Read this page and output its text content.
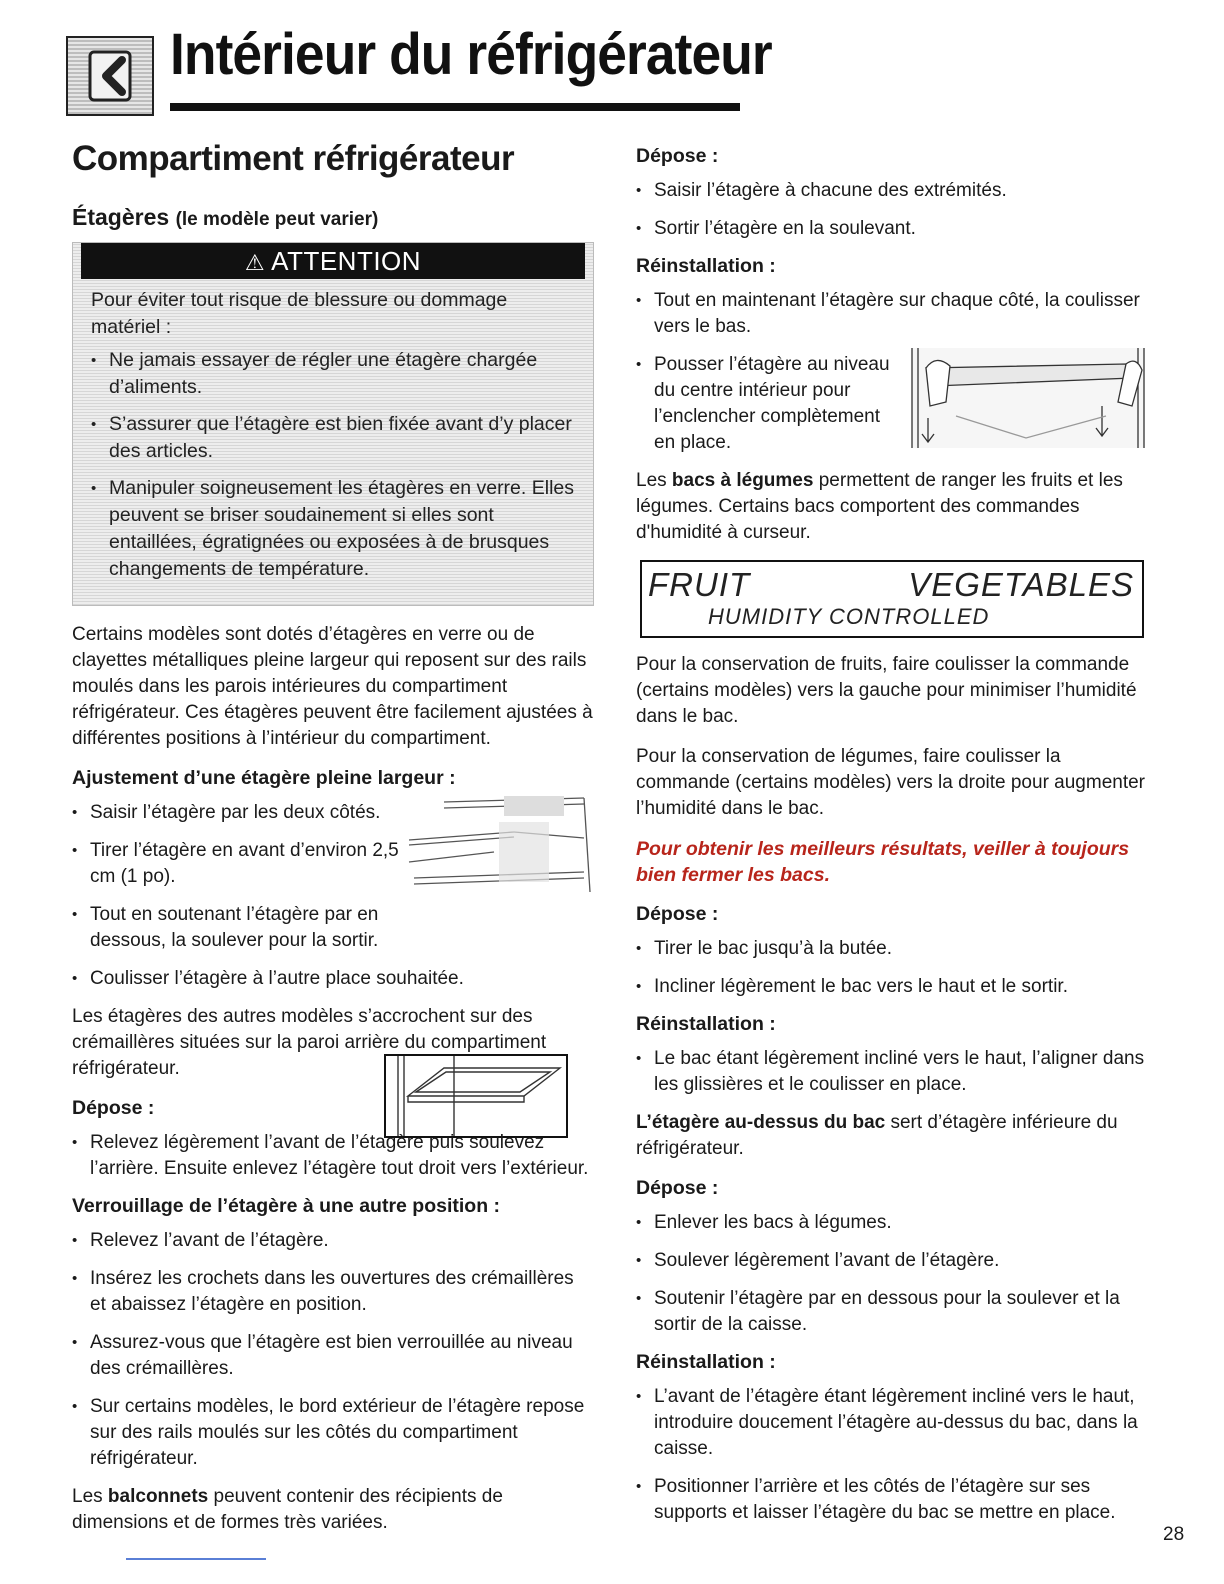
Intérieur du réfrigérateur
Compartiment réfrigérateur
Étagères (le modèle peut varier)
⚠ ATTENTION

Pour éviter tout risque de blessure ou dommage matériel :

• Ne jamais essayer de régler une étagère chargée d’aliments.
• S’assurer que l’étagère est bien fixée avant d’y placer des articles.
• Manipuler soigneusement les étagères en verre. Elles peuvent se briser soudainement si elles sont entaillées, égratignées ou exposées à de brusques changements de température.

Certains modèles sont dotés d’étagères en verre ou de clayettes métalliques pleine largeur qui reposent sur des rails moulés dans les parois intérieures du compartiment réfrigérateur. Ces étagères peuvent être facilement ajustées à différentes positions à l’intérieur du compartiment.

Ajustement d’une étagère pleine largeur :
• Saisir l’étagère par les deux côtés.
• Tirer l’étagère en avant d’environ 2,5 cm (1 po).
• Tout en soutenant l’étagère par en dessous, la soulever pour la sortir.
• Coulisser l’étagère à l’autre place souhaitée.

Les étagères des autres modèles s’accrochent sur des crémaillères situées sur la paroi arrière du compartiment réfrigérateur.

Dépose :
• Relevez légèrement l’avant de l’étagère puis soulevez l’arrière. Ensuite enlevez l’étagère tout droit vers l’extérieur.
Verrouillage de l’étagère à une autre position :
• Relevez l’avant de l’étagère.
• Insérez les crochets dans les ouvertures des crémaillères et abaissez l’étagère en position.
• Assurez-vous que l’étagère est bien verrouillée au niveau des crémaillères.
• Sur certains modèles, le bord extérieur de l’étagère repose sur des rails moulés sur les côtés du compartiment réfrigérateur.

Les balconnets peuvent contenir des récipients de dimensions et de formes très variées.

Dépose :
• Saisir l’étagère à chacune des extrémités.
• Sortir l’étagère en la soulevant.
Réinstallation :
• Tout en maintenant l’étagère sur chaque côté, la coulisser vers le bas.
• Pousser l’étagère au niveau du centre intérieur pour l’enclencher complètement en place.

Les bacs à légumes permettent de ranger les fruits et les légumes. Certains bacs comportent des commandes d'humidité à curseur.

FRUIT	VEGETABLES
HUMIDITY CONTROLLED

Pour la conservation de fruits, faire coulisser la commande (certains modèles) vers la gauche pour minimiser l’humidité dans le bac.

Pour la conservation de légumes, faire coulisser la commande (certains modèles) vers la droite pour augmenter l’humidité dans le bac.

Pour obtenir les meilleurs résultats, veiller à toujours bien fermer les bacs.

Dépose :
• Tirer le bac jusqu’à la butée.
• Incliner légèrement le bac vers le haut et le sortir.
Réinstallation :
• Le bac étant légèrement incliné vers le haut, l’aligner dans les glissières et le coulisser en place.

L’étagère au-dessus du bac sert d’étagère inférieure du réfrigérateur.

Dépose :
• Enlever les bacs à légumes.
• Soulever légèrement l’avant de l’étagère.
• Soutenir l’étagère par en dessous pour la soulever et la sortir de la caisse.
Réinstallation :
• L’avant de l’étagère étant légèrement incliné vers le haut, introduire doucement l’étagère au-dessus du bac, dans la caisse.
• Positionner l’arrière et les côtés de l’étagère sur ses supports et laisser l’étagère du bac se mettre en place.
28
